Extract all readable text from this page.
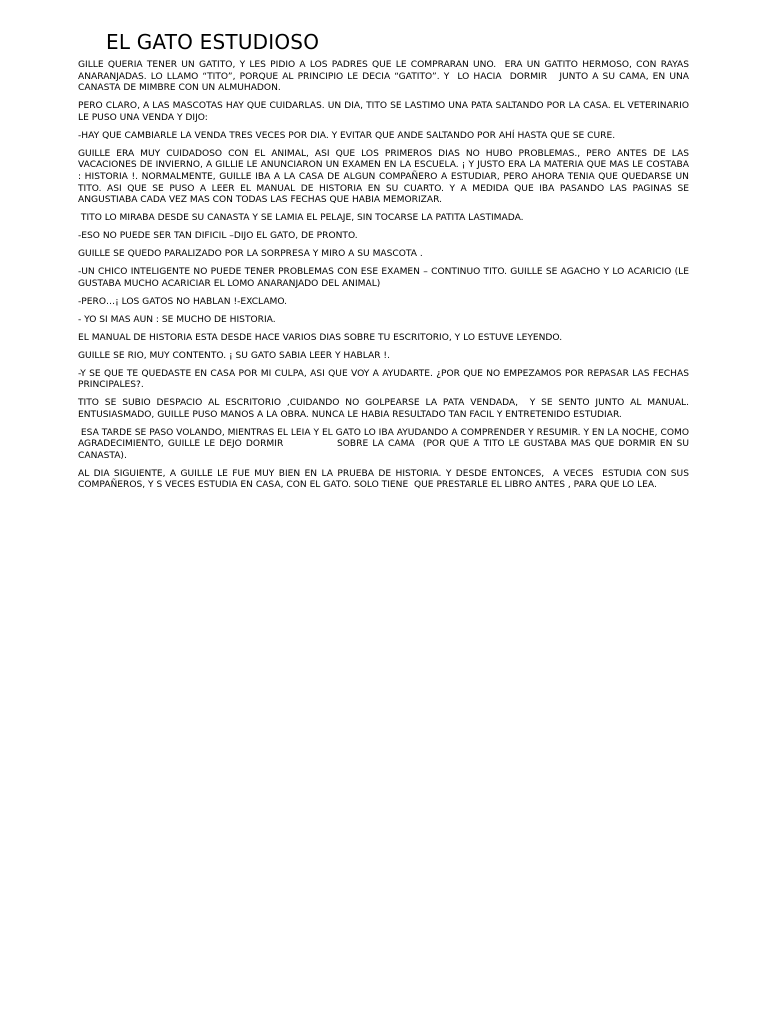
EL GATO ESTUDIOSO

GILLE QUERIA TENER UN GATITO, Y LES PIDIO A LOS PADRES QUE LE COMPRARAN UNO.  ERA UN GATITO HERMOSO, CON RAYAS ANARANJADAS. LO LLAMO “TITO”, PORQUE AL PRINCIPIO LE DECIA “GATITO”. Y  LO HACIA  DORMIR   JUNTO A SU CAMA, EN UNA CANASTA DE MIMBRE CON UN ALMUHADON.

PERO CLARO, A LAS MASCOTAS HAY QUE CUIDARLAS. UN DIA, TITO SE LASTIMO UNA PATA SALTANDO POR LA CASA. EL VETERINARIO LE PUSO UNA VENDA Y DIJO:

-HAY QUE CAMBIARLE LA VENDA TRES VECES POR DIA. Y EVITAR QUE ANDE SALTANDO POR AHÍ HASTA QUE SE CURE.

GUILLE ERA MUY CUIDADOSO CON EL ANIMAL, ASI QUE LOS PRIMEROS DIAS NO HUBO PROBLEMAS., PERO ANTES DE LAS VACACIONES DE INVIERNO, A GILLIE LE ANUNCIARON UN EXAMEN EN LA ESCUELA. ¡ Y JUSTO ERA LA MATERIA QUE MAS LE COSTABA : HISTORIA !. NORMALMENTE, GUILLE IBA A LA CASA DE ALGUN COMPAÑERO A ESTUDIAR, PERO AHORA TENIA QUE QUEDARSE UN TITO. ASI QUE SE PUSO A LEER EL MANUAL DE HISTORIA EN SU CUARTO. Y A MEDIDA QUE IBA PASANDO LAS PAGINAS SE ANGUSTIABA CADA VEZ MAS CON TODAS LAS FECHAS QUE HABIA MEMORIZAR.

TITO LO MIRABA DESDE SU CANASTA Y SE LAMIA EL PELAJE, SIN TOCARSE LA PATITA LASTIMADA.

-ESO NO PUEDE SER TAN DIFICIL –DIJO EL GATO, DE PRONTO.

GUILLE SE QUEDO PARALIZADO POR LA SORPRESA Y MIRO A SU MASCOTA .

-UN CHICO INTELIGENTE NO PUEDE TENER PROBLEMAS CON ESE EXAMEN – CONTINUO TITO. GUILLE SE AGACHO Y LO ACARICIO (LE GUSTABA MUCHO ACARICIAR EL LOMO ANARANJADO DEL ANIMAL)

-PERO…¡ LOS GATOS NO HABLAN !-EXCLAMO.

- YO SI MAS AUN : SE MUCHO DE HISTORIA.

EL MANUAL DE HISTORIA ESTA DESDE HACE VARIOS DIAS SOBRE TU ESCRITORIO, Y LO ESTUVE LEYENDO.

GUILLE SE RIO, MUY CONTENTO. ¡ SU GATO SABIA LEER Y HABLAR !.

-Y SE QUE TE QUEDASTE EN CASA POR MI CULPA, ASI QUE VOY A AYUDARTE. ¿POR QUE NO EMPEZAMOS POR REPASAR LAS FECHAS PRINCIPALES?.

TITO SE SUBIO DESPACIO AL ESCRITORIO ,CUIDANDO NO GOLPEARSE LA PATA VENDADA,  Y SE SENTO JUNTO AL MANUAL. ENTUSIASMADO, GUILLE PUSO MANOS A LA OBRA. NUNCA LE HABIA RESULTADO TAN FACIL Y ENTRETENIDO ESTUDIAR.

ESA TARDE SE PASO VOLANDO, MIENTRAS EL LEIA Y EL GATO LO IBA AYUDANDO A COMPRENDER Y RESUMIR. Y EN LA NOCHE, COMO AGRADECIMIENTO, GUILLE LE DEJO DORMIR             SOBRE LA CAMA  (POR QUE A TITO LE GUSTABA MAS QUE DORMIR EN SU CANASTA).

AL DIA SIGUIENTE, A GUILLE LE FUE MUY BIEN EN LA PRUEBA DE HISTORIA. Y DESDE ENTONCES,  A VECES  ESTUDIA CON SUS COMPAÑEROS, Y S VECES ESTUDIA EN CASA, CON EL GATO. SOLO TIENE  QUE PRESTARLE EL LIBRO ANTES , PARA QUE LO LEA.
